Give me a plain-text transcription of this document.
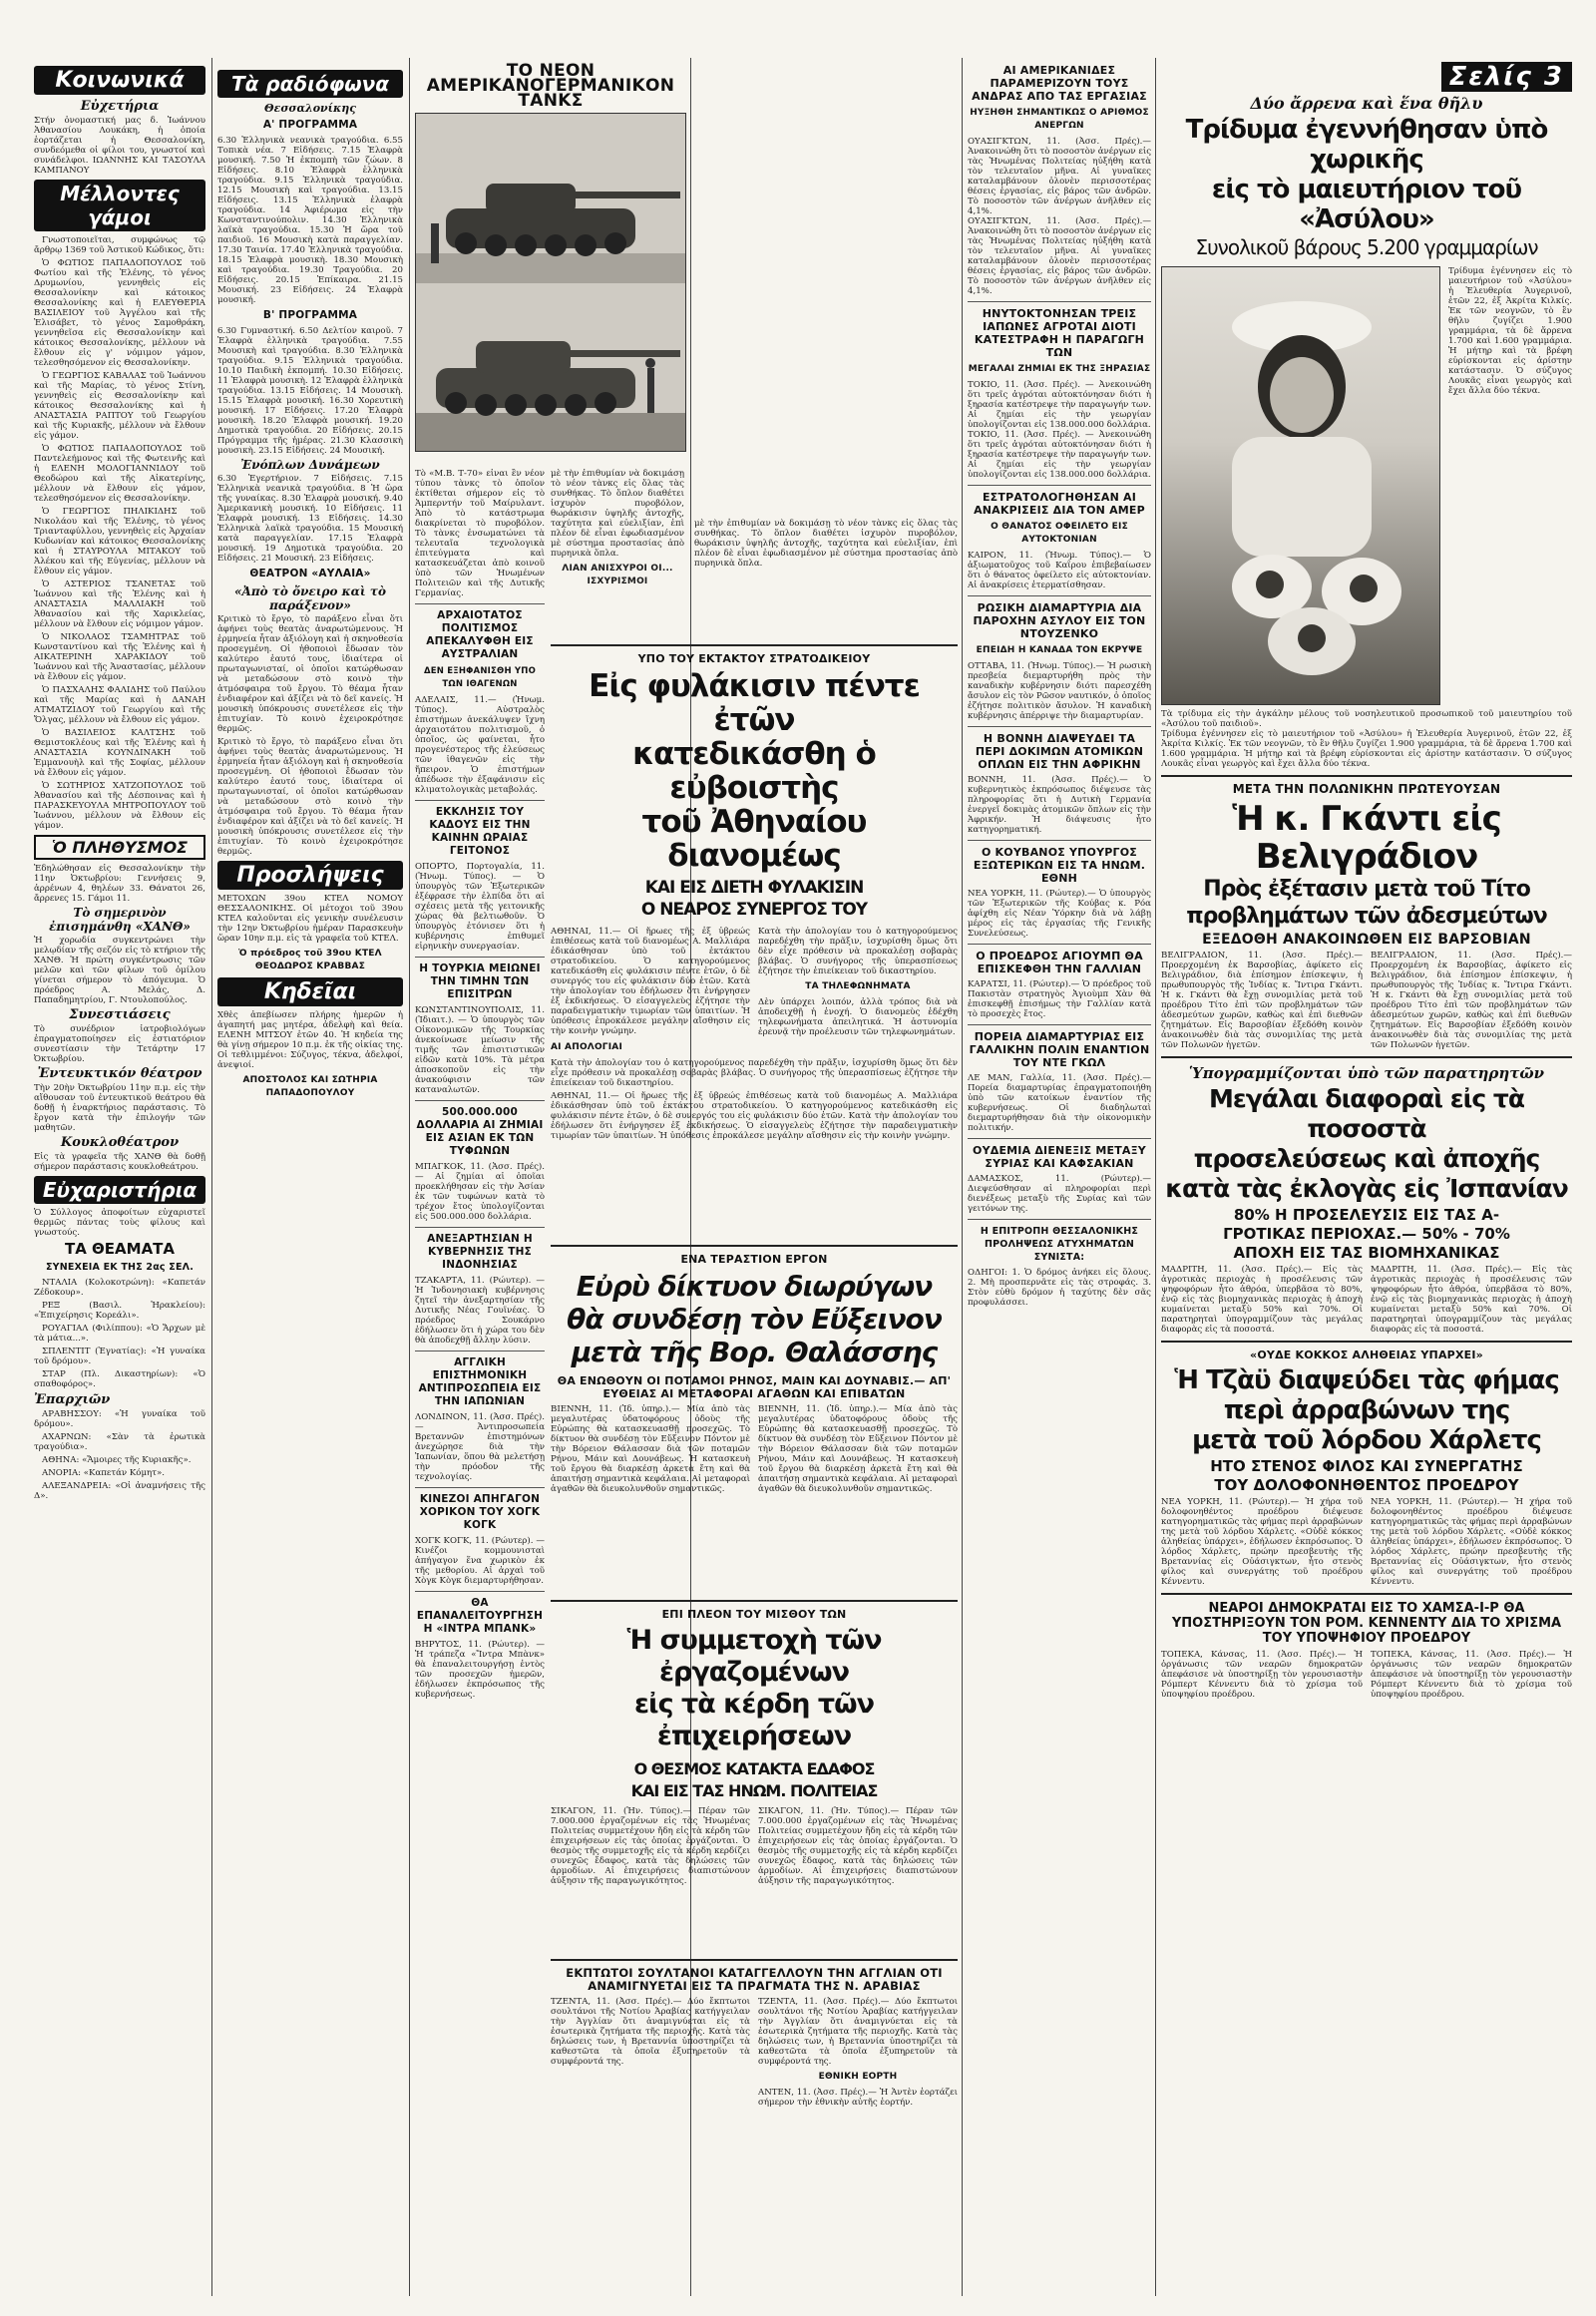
Κοινωνικά
Εὐχετήρια
Στήν ὀνομαστική μας δ. Ἰωάννου Ἀθανασίου Λουκάκη, ἡ ὁποία ἑορτάζεται ἡ Θεσσαλονίκη, συνδεόμεθα οἱ φίλοι του, γνωστοί καὶ συνάδελφοι. ΙΩΑΝΝΗΣ ΚΑΙ ΤΑΣΟΥΛΑ ΚΑΜΠΑΝΟΥ
Μέλλοντες γάμοι

Γνωστοποιεῖται, συμφώνως τῷ ἄρθρῳ 1369 τοῦ Ἀστικοῦ Κώδικος, ὅτι:

Ὁ ΦΩΤΙΟΣ ΠΑΠΑΔΟΠΟΥΛΟΣ τοῦ Φωτίου καὶ τῆς Ἑλένης, τὸ γένος Δρυμωνίου, γεννηθεὶς εἰς Θεσσαλονίκην καὶ κάτοικος Θεσσαλονίκης καὶ ἡ ΕΛΕΥΘΕΡΙΑ ΒΑΣΙΛΕΙΟΥ τοῦ Ἀγγέλου καὶ τῆς Ἐλισάβετ, τὸ γένος Σαμοθράκη, γεννηθεῖσα εἰς Θεσσαλονίκην καὶ κάτοικος Θεσσαλονίκης, μέλλουν νὰ ἔλθουν εἰς γ' νόμιμον γάμον, τελεσθησόμενον εἰς Θεσσαλονίκην.

Ὁ ΓΕΩΡΓΙΟΣ ΚΑΒΑΛΑΣ τοῦ Ἰωάννου καὶ τῆς Μαρίας, τὸ γένος Στίνη, γεννηθεὶς εἰς Θεσσαλονίκην καὶ κάτοικος Θεσσαλονίκης καὶ ἡ ΑΝΑΣΤΑΣΙΑ ΡΑΠΤΟΥ τοῦ Γεωργίου καὶ τῆς Κυριακῆς, μέλλουν νὰ ἔλθουν εἰς γάμον.

Ὁ ΦΩΤΙΟΣ ΠΑΠΑΔΟΠΟΥΛΟΣ τοῦ Παντελεήμονος καὶ τῆς Φωτεινῆς καὶ ἡ ΕΛΕΝΗ ΜΟΛΟΓΙΑΝΝΙΔΟΥ τοῦ Θεοδώρου καὶ τῆς Αἰκατερίνης, μέλλουν νὰ ἔλθουν εἰς γάμον, τελεσθησόμενον εἰς Θεσσαλονίκην.

Ὁ ΓΕΩΡΓΙΟΣ ΠΗΛΙΚΙΔΗΣ τοῦ Νικολάου καὶ τῆς Ἑλένης, τὸ γένος Τριανταφύλλου, γεννηθεὶς εἰς Ἀρχαίαν Κυδωνίαν καὶ κάτοικος Θεσσαλονίκης καὶ ἡ ΣΤΑΥΡΟΥΛΑ ΜΙΤΑΚΟΥ τοῦ Ἀλέκου καὶ τῆς Εὐγενίας, μέλλουν νὰ ἔλθουν εἰς γάμον.

Ὁ ΑΣΤΕΡΙΟΣ ΤΣΑΝΕΤΑΣ τοῦ Ἰωάννου καὶ τῆς Ἐλένης καὶ ἡ ΑΝΑΣΤΑΣΙΑ ΜΑΛΛΙΑΚΗ τοῦ Ἀθανασίου καὶ τῆς Χαρικλείας, μέλλουν νὰ ἔλθουν εἰς νόμιμον γάμον.

Ὁ ΝΙΚΟΛΑΟΣ ΤΣΑΜΗΤΡΑΣ τοῦ Κωνσταντίνου καὶ τῆς Ἑλένης καὶ ἡ ΑΙΚΑΤΕΡΙΝΗ ΧΑΡΑΚΙΔΟΥ τοῦ Ἰωάννου καὶ τῆς Ἀναστασίας, μέλλουν νὰ ἔλθουν εἰς γάμον.

Ὁ ΠΑΣΧΑΛΗΣ ΦΑΛΙΔΗΣ τοῦ Παύλου καὶ τῆς Μαρίας καὶ ἡ ΔΑΝΑΗ ΑΤΜΑΤΖΙΔΟΥ τοῦ Γεωργίου καὶ τῆς Ὄλγας, μέλλουν νὰ ἔλθουν εἰς γάμον.

Ὁ ΒΑΣΙΛΕΙΟΣ ΚΑΛΤΣΗΣ τοῦ Θεμιστοκλέους καὶ τῆς Ἑλένης καὶ ἡ ΑΝΑΣΤΑΣΙΑ ΚΟΥΝΔΙΝΑΚΗ τοῦ Ἐμμανουὴλ καὶ τῆς Σοφίας, μέλλουν νὰ ἔλθουν εἰς γάμον.

Ὁ ΣΩΤΗΡΙΟΣ ΧΑΤΖΟΠΟΥΛΟΣ τοῦ Ἀθανασίου καὶ τῆς Δέσποινας καὶ ἡ ΠΑΡΑΣΚΕΥΟΥΛΑ ΜΗΤΡΟΠΟΥΛΟΥ τοῦ Ἰωάννου, μέλλουν νὰ ἔλθουν εἰς γάμον.

Ὁ ΠΛΗΘΥΣΜΟΣ
Ἐδηλώθησαν εἰς Θεσσαλονίκην τὴν 11ην Ὀκτωβρίου: Γεννήσεις 9, ἀρρένων 4, θηλέων 33. Θάνατοι 26, ἄρρενες 15. Γάμοι 11.
Τὸ σημερινὸν ἐπισημάνθη «ΧΑΝΘ»
Ἡ χορωδία συγκεντρώνει τὴν μελῳδίαν τῆς σεζόν εἰς τὸ κτήριον τῆς ΧΑΝΘ. Ἡ πρώτη συγκέντρωσις τῶν μελῶν καὶ τῶν φίλων τοῦ ὁμίλου γίνεται σήμερον τὸ ἀπόγευμα. Ὁ πρόεδρος Α. Μελάς, Δ. Παπαδημητρίου, Γ. Ντουλοπούλος.
Συνεστιάσεις
Τὸ συνέδριον ἰατροβιολόγων ἐπραγματοποίησεν εἰς ἐστιατόριον συνεστίασιν τὴν Τετάρτην 17 Ὀκτωβρίου.
Ἐντευκτικόν θέατρον
Τὴν 20ὴν Ὀκτωβρίου 11ην π.μ. εἰς τὴν αἴθουσαν τοῦ ἐντευκτικοῦ θεάτρου θὰ δοθῇ ἡ ἐναρκτήριος παράστασις. Τὸ ἔργον κατὰ τὴν ἐπιλογήν τῶν μαθητῶν.
Κουκλοθέατρον
Εἰς τὰ γραφεῖα τῆς ΧΑΝΘ θὰ δοθῇ σήμερον παράστασις κουκλοθεάτρου.
Εὐχαριστήρια
Ὁ Σύλλογος ἀποφοίτων εὐχαριστεῖ θερμῶς πάντας τοὺς φίλους καὶ γνωστούς.
ΤΑ ΘΕΑΜΑΤΑ
ΣΥΝΕΧΕΙΑ ΕΚ ΤΗΣ 2ας ΣΕΛ.

ΝΤΑΛΙΑ (Κολοκοτρώνη): «Καπετάν Ζέδοκουρ».

ΡΕΞ (Βασιλ. Ἡρακλείου): «Ἐπιχείρησις Κορεάλι».

ΡΟΥΑΓΙΑΛ (Φιλίππου): «Ὁ Ἄρχων μὲ τὰ μάτια...».

ΣΠΛΕΝΤΙΤ (Ἐγνατίας): «Ἡ γυναίκα τοῦ δρόμου».

ΣΤΑΡ (Πλ. Δικαστηρίων): «Ὁ σπαθοφόρος».

Ἐπαρχιῶν

ΑΡΑΒΗΣΣΟΥ: «Ἡ γυναίκα τοῦ δρόμου».

ΑΧΑΡΝΩΝ: «Σὰν τὰ ἐρωτικὰ τραγούδια».

ΑΘΗΝΑ: «Ἄμοιρες τῆς Κυριακῆς».

ΑΝΟΡΙΑ: «Καπετάν Κόμητ».

ΑΛΕΞΑΝΔΡΕΙΑ: «Οἱ ἀναμνήσεις τῆς Δ».

Τὰ ραδιόφωνα
Θεσσαλονίκης
Α' ΠΡΟΓΡΑΜΜΑ
6.30 Ἑλληνικὰ νεανικὰ τραγούδια. 6.55 Τοπικὰ νέα. 7 Εἰδήσεις. 7.15 Ἐλαφρὰ μουσική. 7.50 Ἡ ἐκπομπὴ τῶν ζώων. 8 Εἰδήσεις. 8.10 Ἐλαφρὰ ἑλληνικὰ τραγούδια. 9.15 Ἑλληνικὰ τραγούδια. 12.15 Μουσικὴ καὶ τραγούδια. 13.15 Εἰδήσεις. 13.15 Ἑλληνικὰ ἐλαφρὰ τραγούδια. 14 Ἀφιέρωμα εἰς τὴν Κωνσταντινούπολιν. 14.30 Ἑλληνικὰ λαϊκὰ τραγούδια. 15.30 Ἡ ὥρα τοῦ παιδιοῦ. 16 Μουσικὴ κατὰ παραγγελίαν. 17.30 Ταινία. 17.40 Ἑλληνικὰ τραγούδια. 18.15 Ἐλαφρὰ μουσικὴ. 18.30 Μουσικὴ καὶ τραγούδια. 19.30 Τραγούδια. 20 Εἰδήσεις. 20.15 Ἐπίκαιρα. 21.15 Μουσική. 23 Εἰδήσεις. 24 Ἐλαφρὰ μουσική.
Β' ΠΡΟΓΡΑΜΜΑ
6.30 Γυμναστική. 6.50 Δελτίον καιροῦ. 7 Ἐλαφρὰ ἑλληνικὰ τραγούδια. 7.55 Μουσικὴ καὶ τραγούδια. 8.30 Ἑλληνικὰ τραγούδια. 9.15 Ἑλληνικὰ τραγούδια. 10.10 Παιδικὴ ἐκπομπή. 10.30 Εἰδήσεις. 11 Ἐλαφρὰ μουσικὴ. 12 Ἐλαφρὰ ἑλληνικὰ τραγούδια. 13.15 Εἰδήσεις. 14 Μουσικὴ. 15.15 Ἐλαφρὰ μουσική. 16.30 Χορευτικὴ μουσική. 17 Εἰδήσεις. 17.20 Ἐλαφρὰ μουσικὴ. 18.20 Ἐλαφρὰ μουσική. 19.20 Δημοτικὰ τραγούδια. 20 Εἰδήσεις. 20.15 Πρόγραμμα τῆς ἡμέρας. 21.30 Κλασσικὴ μουσικὴ. 23.15 Εἰδήσεις. 24 Μουσική.
Ἐνόπλων Δυνάμεων
6.30 Ἐγερτήριον. 7 Εἰδήσεις. 7.15 Ἑλληνικὰ νεανικὰ τραγούδια. 8 Ἡ ὥρα τῆς γυναίκας. 8.30 Ἐλαφρὰ μουσική. 9.40 Ἀμερικανικὴ μουσική. 10 Εἰδήσεις. 11 Ἐλαφρὰ μουσική. 13 Εἰδήσεις. 14.30 Ἑλληνικὰ λαϊκὰ τραγούδια. 15 Μουσική κατὰ παραγγελίαν. 17.15 Ἐλαφρὰ μουσική. 19 Δημοτικὰ τραγούδια. 20 Εἰδήσεις. 21 Μουσική. 23 Εἰδήσεις.
ΘΕΑΤΡΟΝ «ΑΥΛΑΙΑ»
«Ἀπὸ τὸ ὄνειρο καὶ τὸ παράξενον»
Κριτικὸ τὸ ἔργο, τὸ παράξενο εἶναι ὅτι ἀφήνει τοὺς θεατὰς ἀναρωτώμενους. Ἡ ἑρμηνεία ἦταν ἀξιόλογη καὶ ἡ σκηνοθεσία προσεγμένη. Οἱ ἠθοποιοὶ ἔδωσαν τὸν καλύτερο ἑαυτό τους, ἰδιαίτερα οἱ πρωταγωνισταί, οἱ ὁποῖοι κατώρθωσαν νὰ μεταδώσουν στὸ κοινὸ τὴν ἀτμόσφαιρα τοῦ ἔργου. Τὸ θέαμα ἦταν ἐνδιαφέρον καὶ ἀξίζει νὰ τὸ δεῖ κανείς. Ἡ μουσικὴ ὑπόκρουσις συνετέλεσε εἰς τὴν ἐπιτυχίαν. Τὸ κοινὸ ἐχειροκρότησε θερμῶς.
Κριτικὸ τὸ ἔργο, τὸ παράξενο εἶναι ὅτι ἀφήνει τοὺς θεατὰς ἀναρωτώμενους. Ἡ ἑρμηνεία ἦταν ἀξιόλογη καὶ ἡ σκηνοθεσία προσεγμένη. Οἱ ἠθοποιοὶ ἔδωσαν τὸν καλύτερο ἑαυτό τους, ἰδιαίτερα οἱ πρωταγωνισταί, οἱ ὁποῖοι κατώρθωσαν νὰ μεταδώσουν στὸ κοινὸ τὴν ἀτμόσφαιρα τοῦ ἔργου. Τὸ θέαμα ἦταν ἐνδιαφέρον καὶ ἀξίζει νὰ τὸ δεῖ κανείς. Ἡ μουσικὴ ὑπόκρουσις συνετέλεσε εἰς τὴν ἐπιτυχίαν. Τὸ κοινὸ ἐχειροκρότησε θερμῶς.
Προσλήψεις
ΜΕΤΟΧΩΝ 39ου ΚΤΕΛ ΝΟΜΟΥ ΘΕΣΣΑΛΟΝΙΚΗΣ. Οἱ μέτοχοι τοῦ 39ου ΚΤΕΛ καλοῦνται εἰς γενικὴν συνέλευσιν τὴν 12ην Ὀκτωβρίου ἡμέραν Παρασκευὴν ὥραν 10ην π.μ. εἰς τὰ γραφεῖα τοῦ ΚΤΕΛ.
Ὁ πρόεδρος τοῦ 39ου ΚΤΕΛ ΘΕΟΔΩΡΟΣ ΚΡΑΒΒΑΣ
Κηδεῖαι
Χθὲς ἀπεβίωσεν πλήρης ἡμερῶν ἡ ἀγαπητή μας μητέρα, ἀδελφὴ καὶ θεία. ΕΛΕΝΗ ΜΙΤΣΟΥ ἐτῶν 40. Ἡ κηδεία της θὰ γίνῃ σήμερον 10 π.μ. ἐκ τῆς οἰκίας της. Οἱ τεθλιμμένοι: Σύζυγος, τέκνα, ἀδελφοί, ἀνεψιοί.
ΑΠΟΣΤΟΛΟΣ ΚΑΙ ΣΩΤΗΡΙΑ ΠΑΠΑΔΟΠΟΥΛΟΥ
ΤΟ ΝΕΟΝ ΑΜΕΡΙΚΑΝΟΓΕΡΜΑΝΙΚΟΝ ΤΑΝΚΣ
Τὸ «Μ.Β. Τ-70» εἶναι ἓν νέον τύπου τὰνκς τὸ ὁποῖον ἐκτίθεται σήμερον εἰς τὸ Ἀμπερντήν τοῦ Μαίρυλαντ. Ἀπὸ τὸ κατάστρωμα διακρίνεται τὸ πυροβόλον. Τὸ τὰνκς ἐνσωματώνει τὰ τελευταῖα τεχνολογικὰ ἐπιτεύγματα καὶ κατασκευάζεται ἀπὸ κοινοῦ ὑπὸ τῶν Ἡνωμένων Πολιτειῶν καὶ τῆς Δυτικῆς Γερμανίας.
ΑΡΧΑΙΟΤΑΤΟΣ ΠΟΛΙΤΙΣΜΟΣ ΑΠΕΚΑΛΥΦΘΗ ΕΙΣ ΑΥΣΤΡΑΛΙΑΝ
ΔΕΝ ΕΞΗΦΑΝΙΣΘΗ ΥΠΟ ΤΩΝ ΙΘΑΓΕΝΩΝ
ΑΔΕΛΑΙ⁠Σ, 11.— (Ἡνωμ. Τύπος). Αὐστραλὸς ἐπιστήμων ἀνεκάλυψεν ἴχνη ἀρχαιοτάτου πολιτισμοῦ, ὁ ὁποῖος, ὡς φαίνεται, ἦτο προγενέστερος τῆς ἐλεύσεως τῶν ἰθαγενῶν εἰς τὴν ἤπειρον. Ὁ ἐπιστήμων ἀπέδωσε τὴν ἐξαφάνισιν εἰς κλιματολογικὰς μεταβολάς.
ΕΚΚΛΗΣΙΣ ΤΟΥ ΚΑΔΟΥΣ ΕΙΣ ΤΗΝ ΚΑΙΝΗΝ ΩΡΑΙΑΣ ΓΕΙΤΟΝΟΣ
ΟΠΟΡΤΟ, Πορτογαλία, 11. (Ἡνωμ. Τύπος). — Ὁ ὑπουργὸς τῶν Ἐξωτερικῶν ἐξέφρασε τὴν ἐλπίδα ὅτι αἱ σχέσεις μετὰ τῆς γειτονικῆς χώρας θὰ βελτιωθοῦν. Ὁ ὑπουργὸς ἐτόνισεν ὅτι ἡ κυβέρνησις ἐπιθυμεῖ εἰρηνικὴν συνεργασίαν.
Η ΤΟΥΡΚΙΑ ΜΕΙΩΝΕΙ ΤΗΝ ΤΙΜΗΝ ΤΩΝ ΕΠΙΣΙΤΡΩΝ
ΚΩΝΣΤΑΝΤΙΝΟΥΠΟΛΙΣ, 11. (Ἰδιαιτ.). — Ὁ ὑπουργὸς τῶν Οἰκονομικῶν τῆς Τουρκίας ἀνεκοίνωσε μείωσιν τῆς τιμῆς τῶν ἐπισιτιστικῶν εἰδῶν κατὰ 10%. Τὰ μέτρα ἀποσκοποῦν εἰς τὴν ἀνακούφισιν τῶν καταναλωτῶν.
500.000.000 ΔΟΛΛΑΡΙΑ ΑΙ ΖΗΜΙΑΙ ΕΙΣ ΑΣΙΑΝ ΕΚ ΤΩΝ ΤΥΦΩΝΩΝ
ΜΠΑΓΚΟΚ, 11. (Ἀσσ. Πρές). — Αἱ ζημίαι αἱ ὁποῖαι προεκλήθησαν εἰς τὴν Ἀσίαν ἐκ τῶν τυφώνων κατὰ τὸ τρέχον ἔτος ὑπολογίζονται εἰς 500.000.000 δολλάρια.
ΑΝΕΞΑΡΤΗΣΙΑΝ Η ΚΥΒΕΡΝΗΣΙΣ ΤΗΣ ΙΝΔΟΝΗΣΙΑΣ
ΤΖΑΚΑΡΤΑ, 11. (Ρώυτερ). — Ἡ Ἰνδονησιακὴ κυβέρνησις ζητεῖ τὴν ἀνεξαρτησίαν τῆς Δυτικῆς Νέας Γουϊνέας. Ὁ πρόεδρος Σουκάρνο ἐδήλωσεν ὅτι ἡ χώρα του δὲν θὰ ἀποδεχθῇ ἄλλην λύσιν.
ΑΓΓΛΙΚΗ ΕΠΙΣΤΗΜΟΝΙΚΗ ΑΝΤΙΠΡΟΣΩΠΕΙΑ ΕΙΣ ΤΗΝ ΙΑΠΩΝΙΑΝ
ΛΟΝΔΙΝΟΝ, 11. (Ἀσσ. Πρές). — Ἀντιπροσωπεία Βρεταννῶν ἐπιστημόνων ἀνεχώρησε διὰ τὴν Ἰαπωνίαν, ὅπου θὰ μελετήσῃ τὴν πρόοδον τῆς τεχνολογίας.
ΚΙΝΕΖΟΙ ΑΠΗΓΑΓΟΝ ΧΟΡΙΚΟΝ ΤΟΥ ΧΟΓΚ ΚΟΓΚ
ΧΟΓΚ ΚΟΓΚ, 11. (Ρώυτερ). — Κινέζοι κομμουνισταὶ ἀπήγαγον ἕνα χωρικὸν ἐκ τῆς μεθορίου. Αἱ ἀρχαὶ τοῦ Χὸγκ Κὸγκ διεμαρτυρήθησαν.
ΘΑ ΕΠΑΝΑΛΕΙΤΟΥΡΓΗΣΗ Η «ΙΝΤΡΑ ΜΠΑΝΚ»
ΒΗΡΥΤΟΣ, 11. (Ρώυτερ). — Ἡ τράπεζα «Ἴντρα Μπὰνκ» θὰ ἐπαναλειτουργήσῃ ἐντὸς τῶν προσεχῶν ἡμερῶν, ἐδήλωσεν ἐκπρόσωπος τῆς κυβερνήσεως.
μὲ τὴν ἐπιθυμίαν νὰ δοκιμάσῃ τὸ νέον τὰνκς εἰς ὅλας τὰς συνθήκας. Τὸ ὅπλον διαθέτει ἰσχυρὸν πυροβόλον, θωράκισιν ὑψηλῆς ἀντοχῆς, ταχύτητα καὶ εὐελιξίαν, ἐπὶ πλέον δὲ εἶναι ἐφωδιασμένον μὲ σύστημα προστασίας ἀπὸ πυρηνικὰ ὅπλα.
ΛΙΑΝ ΑΝΙΣΧΥΡΟΙ ΟΙ... ΙΣΧΥΡΙΣΜΟΙ
μὲ τὴν ἐπιθυμίαν νὰ δοκιμάσῃ τὸ νέον τὰνκς εἰς ὅλας τὰς συνθήκας. Τὸ ὅπλον διαθέτει ἰσχυρὸν πυροβόλον, θωράκισιν ὑψηλῆς ἀντοχῆς, ταχύτητα καὶ εὐελιξίαν, ἐπὶ πλέον δὲ εἶναι ἐφωδιασμένον μὲ σύστημα προστασίας ἀπὸ πυρηνικὰ ὅπλα.
ΥΠΟ ΤΟΥ ΕΚΤΑΚΤΟΥ ΣΤΡΑΤΟΔΙΚΕΙΟΥ
Εἰς φυλάκισιν πέντε ἐτῶν
κατεδικάσθη ὁ εὐβοιστὴς
τοῦ Ἀθηναίου διανομέως
ΚΑΙ ΕΙΣ ΔΙΕΤΗ ΦΥΛΑΚΙΣΙΝ
Ο ΝΕΑΡΟΣ ΣΥΝΕΡΓΟΣ ΤΟΥ
ΑΘΗΝΑΙ, 11.— Οἱ ἥρωες τῆς ἐξ ὑβρεώς ἐπιθέσεως κατὰ τοῦ διανομέως Α. Μαλλιάρα ἐδικάσθησαν ὑπὸ τοῦ ἐκτάκτου στρατοδικείου. Ὁ κατηγορούμενος κατεδικάσθη εἰς φυλάκισιν πέντε ἐτῶν, ὁ δὲ συνεργός του εἰς φυλάκισιν δύο ἐτῶν. Κατὰ τὴν ἀπολογίαν του ἐδήλωσεν ὅτι ἐνήργησεν ἐξ ἐκδικήσεως. Ὁ εἰσαγγελεὺς ἐζήτησε τὴν παραδειγματικὴν τιμωρίαν τῶν ὑπαιτίων. Ἡ ὑπόθεσις ἐπροκάλεσε μεγάλην αἴσθησιν εἰς τὴν κοινὴν γνώμην.
Κατὰ τὴν ἀπολογίαν του ὁ κατηγορούμενος παρεδέχθη τὴν πρᾶξιν, ἰσχυρίσθη ὅμως ὅτι δὲν εἶχε πρόθεσιν νὰ προκαλέσῃ σοβαρὰς βλάβας. Ὁ συνήγορος τῆς ὑπερασπίσεως ἐζήτησε τὴν ἐπιείκειαν τοῦ δικαστηρίου.
ΤΑ ΤΗΛΕΦΩΝΗΜΑΤΑ
Δὲν ὑπάρχει λοιπόν, ἀλλὰ τρόπος διὰ νὰ ἀποδειχθῇ ἡ ἐνοχή. Ὁ διανομεὺς ἐδέχθη τηλεφωνήματα ἀπειλητικά. Ἡ ἀστυνομία ἐρευνᾷ τὴν προέλευσιν τῶν τηλεφωνημάτων.
ΑΙ ΑΠΟΛΟΓΙΑΙ
Κατὰ τὴν ἀπολογίαν του ὁ κατηγορούμενος παρεδέχθη τὴν πρᾶξιν, ἰσχυρίσθη ὅμως ὅτι δὲν εἶχε πρόθεσιν νὰ προκαλέσῃ σοβαρὰς βλάβας. Ὁ συνήγορος τῆς ὑπερασπίσεως ἐζήτησε τὴν ἐπιείκειαν τοῦ δικαστηρίου.
ΑΘΗΝΑΙ, 11.— Οἱ ἥρωες τῆς ἐξ ὑβρεώς ἐπιθέσεως κατὰ τοῦ διανομέως Α. Μαλλιάρα ἐδικάσθησαν ὑπὸ τοῦ ἐκτάκτου στρατοδικείου. Ὁ κατηγορούμενος κατεδικάσθη εἰς φυλάκισιν πέντε ἐτῶν, ὁ δὲ συνεργός του εἰς φυλάκισιν δύο ἐτῶν. Κατὰ τὴν ἀπολογίαν του ἐδήλωσεν ὅτι ἐνήργησεν ἐξ ἐκδικήσεως. Ὁ εἰσαγγελεὺς ἐζήτησε τὴν παραδειγματικὴν τιμωρίαν τῶν ὑπαιτίων. Ἡ ὑπόθεσις ἐπροκάλεσε μεγάλην αἴσθησιν εἰς τὴν κοινὴν γνώμην.
ΕΝΑ ΤΕΡΑΣΤΙΟΝ ΕΡΓΟΝ
Εὐρὺ δίκτυον διωρύγων
θὰ συνδέσῃ τὸν Εὔξεινον
μετὰ τῆς Βορ. Θαλάσσης
ΘΑ ΕΝΩΘΟΥΝ ΟΙ ΠΟΤΑΜΟΙ ΡΗΝΟΣ, ΜΑΙΝ ΚΑΙ ΔΟΥΝΑΒΙΣ.— ΑΠ' ΕΥΘΕΙΑΣ ΑΙ ΜΕΤΑΦΟΡΑΙ ΑΓΑΘΩΝ ΚΑΙ ΕΠΙΒΑΤΩΝ
ΒΙΕΝΝΗ, 11. (Ἰδ. ὑπηρ.).— Μία ἀπὸ τὰς μεγαλυτέρας ὑδατοφόρους ὁδοὺς τῆς Εὐρώπης θὰ κατασκευασθῇ προσεχῶς. Τὸ δίκτυον θὰ συνδέσῃ τὸν Εὔξεινον Πόντον μὲ τὴν Βόρειον Θάλασσαν διὰ τῶν ποταμῶν Ρήνου, Μάιν καὶ Δουνάβεως. Ἡ κατασκευὴ τοῦ ἔργου θὰ διαρκέσῃ ἀρκετὰ ἔτη καὶ θὰ ἀπαιτήσῃ σημαντικὰ κεφάλαια. Αἱ μεταφοραὶ ἀγαθῶν θὰ διευκολυνθοῦν σημαντικῶς.
ΒΙΕΝΝΗ, 11. (Ἰδ. ὑπηρ.).— Μία ἀπὸ τὰς μεγαλυτέρας ὑδατοφόρους ὁδοὺς τῆς Εὐρώπης θὰ κατασκευασθῇ προσεχῶς. Τὸ δίκτυον θὰ συνδέσῃ τὸν Εὔξεινον Πόντον μὲ τὴν Βόρειον Θάλασσαν διὰ τῶν ποταμῶν Ρήνου, Μάιν καὶ Δουνάβεως. Ἡ κατασκευὴ τοῦ ἔργου θὰ διαρκέσῃ ἀρκετὰ ἔτη καὶ θὰ ἀπαιτήσῃ σημαντικὰ κεφάλαια. Αἱ μεταφοραὶ ἀγαθῶν θὰ διευκολυνθοῦν σημαντικῶς.
ΕΠΙ ΠΛΕΟΝ ΤΟΥ ΜΙΣΘΟΥ ΤΩΝ
Ἡ συμμετοχὴ τῶν ἐργαζομένων
εἰς τὰ κέρδη τῶν ἐπιχειρήσεων
Ο ΘΕΣΜΟΣ ΚΑΤΑΚΤΑ ΕΔΑΦΟΣ
ΚΑΙ ΕΙΣ ΤΑΣ ΗΝΩΜ. ΠΟΛΙΤΕΙΑΣ
ΣΙΚΑΓΟΝ, 11. (Ἡν. Τύπος).— Πέραν τῶν 7.000.000 ἐργαζομένων εἰς τὰς Ἡνωμένας Πολιτείας συμμετέχουν ἤδη εἰς τὰ κέρδη τῶν ἐπιχειρήσεων εἰς τὰς ὁποίας ἐργάζονται. Ὁ θεσμὸς τῆς συμμετοχῆς εἰς τὰ κέρδη κερδίζει συνεχῶς ἔδαφος, κατὰ τὰς δηλώσεις τῶν ἁρμοδίων. Αἱ ἐπιχειρήσεις διαπιστώνουν ἀύξησιν τῆς παραγωγικότητος.
ΣΙΚΑΓΟΝ, 11. (Ἡν. Τύπος).— Πέραν τῶν 7.000.000 ἐργαζομένων εἰς τὰς Ἡνωμένας Πολιτείας συμμετέχουν ἤδη εἰς τὰ κέρδη τῶν ἐπιχειρήσεων εἰς τὰς ὁποίας ἐργάζονται. Ὁ θεσμὸς τῆς συμμετοχῆς εἰς τὰ κέρδη κερδίζει συνεχῶς ἔδαφος, κατὰ τὰς δηλώσεις τῶν ἁρμοδίων. Αἱ ἐπιχειρήσεις διαπιστώνουν ἀύξησιν τῆς παραγωγικότητος.
ΕΚΠΤΩΤΟΙ ΣΟΥΛΤΑΝΟΙ ΚΑΤΑΓΓΕΛΛΟΥΝ ΤΗΝ ΑΓΓΛΙΑΝ ΟΤΙ ΑΝΑΜΙΓΝΥΕΤΑΙ ΕΙΣ ΤΑ ΠΡΑΓΜΑΤΑ ΤΗΣ Ν. ΑΡΑΒΙΑΣ
ΤΖΕΝΤΑ, 11. (Ἀσσ. Πρές).— Δύο ἔκπτωτοι σουλτάνοι τῆς Νοτίου Ἀραβίας κατήγγειλαν τὴν Ἀγγλίαν ὅτι ἀναμιγνύεται εἰς τὰ ἐσωτερικὰ ζητήματα τῆς περιοχῆς. Κατὰ τὰς δηλώσεις των, ἡ Βρεταννία ὑποστηρίζει τὰ καθεστῶτα τὰ ὁποῖα ἐξυπηρετοῦν τὰ συμφέροντά της.
ΤΖΕΝΤΑ, 11. (Ἀσσ. Πρές).— Δύο ἔκπτωτοι σουλτάνοι τῆς Νοτίου Ἀραβίας κατήγγειλαν τὴν Ἀγγλίαν ὅτι ἀναμιγνύεται εἰς τὰ ἐσωτερικὰ ζητήματα τῆς περιοχῆς. Κατὰ τὰς δηλώσεις των, ἡ Βρεταννία ὑποστηρίζει τὰ καθεστῶτα τὰ ὁποῖα ἐξυπηρετοῦν τὰ συμφέροντά της.
ΕΘΝΙΚΗ ΕΟΡΤΗ
ΑΝΤΕΝ, 11. (Ἀσσ. Πρές).— Ἡ Ἀντὲν ἑορτάζει σήμερον τὴν ἐθνικὴν αὐτῆς ἑορτήν.
ΑΙ ΑΜΕΡΙΚΑΝΙΔΕΣ ΠΑΡΑΜΕΡΙΖΟΥΝ ΤΟΥΣ ΑΝΔΡΑΣ ΑΠΟ ΤΑΣ ΕΡΓΑΣΙΑΣ
ΗΥΞΗΘΗ ΣΗΜΑΝΤΙΚΩΣ Ο ΑΡΙΘΜΟΣ ΑΝΕΡΓΩΝ
ΟΥΑΣΙΓΚΤΩΝ, 11. (Ἀσσ. Πρές).— Ἀνακοινώθη ὅτι τὸ ποσοστὸν ἀνέργων εἰς τὰς Ἡνωμένας Πολιτείας ηὐξήθη κατὰ τὸν τελευταῖον μῆνα. Αἱ γυναῖκες καταλαμβάνουν ὁλονὲν περισσοτέρας θέσεις ἐργασίας, εἰς βάρος τῶν ἀνδρῶν. Τὸ ποσοστὸν τῶν ἀνέργων ἀνῆλθεν εἰς 4,1%.
ΟΥΑΣΙΓΚΤΩΝ, 11. (Ἀσσ. Πρές).— Ἀνακοινώθη ὅτι τὸ ποσοστὸν ἀνέργων εἰς τὰς Ἡνωμένας Πολιτείας ηὐξήθη κατὰ τὸν τελευταῖον μῆνα. Αἱ γυναῖκες καταλαμβάνουν ὁλονὲν περισσοτέρας θέσεις ἐργασίας, εἰς βάρος τῶν ἀνδρῶν. Τὸ ποσοστὸν τῶν ἀνέργων ἀνῆλθεν εἰς 4,1%.
ΗΝΥΤΟΚΤΟΝΗΣΑΝ ΤΡΕΙΣ ΙΑΠΩΝΕΣ ΑΓΡΟΤΑΙ ΔΙΟΤΙ ΚΑΤΕΣΤΡΑΦΗ Η ΠΑΡΑΓΩΓΗ ΤΩΝ
ΜΕΓΑΛΑΙ ΖΗΜΙΑΙ ΕΚ ΤΗΣ ΞΗΡΑΣΙΑΣ
ΤΟΚΙΟ, 11. (Ἀσσ. Πρές). — Ἀνεκοινώθη ὅτι τρεῖς ἀγρόται αὐτοκτόνησαν διότι ἡ ξηρασία κατέστρεψε τὴν παραγωγήν των. Αἱ ζημίαι εἰς τὴν γεωργίαν ὑπολογίζονται εἰς 138.000.000 δολλάρια.
ΤΟΚΙΟ, 11. (Ἀσσ. Πρές). — Ἀνεκοινώθη ὅτι τρεῖς ἀγρόται αὐτοκτόνησαν διότι ἡ ξηρασία κατέστρεψε τὴν παραγωγήν των. Αἱ ζημίαι εἰς τὴν γεωργίαν ὑπολογίζονται εἰς 138.000.000 δολλάρια.
ΕΣΤΡΑΤΟΛΟΓΗΘΗΣΑΝ ΑΙ ΑΝΑΚΡΙΣΕΙΣ ΔΙΑ ΤΟΝ ΑΜΕΡ
Ο ΘΑΝΑΤΟΣ ΟΦΕΙΛΕΤΟ ΕΙΣ ΑΥΤΟΚΤΟΝΙΑΝ
ΚΑΙΡΟΝ, 11. (Ἡνωμ. Τύπος).— Ὁ ἀξιωματοῦχος τοῦ Καΐρου ἐπιβεβαίωσεν ὅτι ὁ θάνατος ὀφείλετο εἰς αὐτοκτονίαν. Αἱ ἀνακρίσεις ἐτερματίσθησαν.
ΡΩΣΙΚΗ ΔΙΑΜΑΡΤΥΡΙΑ ΔΙΑ ΠΑΡΟΧΗΝ ΑΣΥΛΟΥ ΕΙΣ ΤΟΝ ΝΤΟΥΖΕΝΚΟ
ΕΠΕΙΔΗ Η ΚΑΝΑΔΑ ΤΟΝ ΕΚΡΥΨΕ
ΟΤΤΑΒΑ, 11. (Ἡνωμ. Τύπος).— Ἡ ρωσικὴ πρεσβεία διεμαρτυρήθη πρὸς τὴν καναδικὴν κυβέρνησιν διότι παρεσχέθη ἄσυλον εἰς τὸν Ρῶσον ναυτικόν, ὁ ὁποῖος ἐζήτησε πολιτικὸν ἄσυλον. Ἡ καναδικὴ κυβέρνησις ἀπέρριψε τὴν διαμαρτυρίαν.
Η ΒΟΝΝΗ ΔΙΑΨΕΥΔΕΙ ΤΑ ΠΕΡΙ ΔΟΚΙΜΩΝ ΑΤΟΜΙΚΩΝ ΟΠΛΩΝ ΕΙΣ ΤΗΝ ΑΦΡΙΚΗΝ
ΒΟΝΝΗ, 11. (Ἀσσ. Πρές).— Ὁ κυβερνητικὸς ἐκπρόσωπος διέψευσε τὰς πληροφορίας ὅτι ἡ Δυτικὴ Γερμανία ἐνεργεῖ δοκιμὰς ἀτομικῶν ὅπλων εἰς τὴν Ἀφρικήν. Ἡ διάψευσις ἦτο κατηγορηματική.
Ο ΚΟΥΒΑΝΟΣ ΥΠΟΥΡΓΟΣ ΕΞΩΤΕΡΙΚΩΝ ΕΙΣ ΤΑ ΗΝΩΜ. ΕΘΝΗ
ΝΕΑ ΥΟΡΚΗ, 11. (Ρώυτερ).— Ὁ ὑπουργὸς τῶν Ἐξωτερικῶν τῆς Κούβας κ. Ρόα ἀφίχθη εἰς Νέαν Ὑόρκην διὰ νὰ λάβῃ μέρος εἰς τὰς ἐργασίας τῆς Γενικῆς Συνελεύσεως.
Ο ΠΡΟΕΔΡΟΣ ΑΓΙΟΥΜΠ ΘΑ ΕΠΙΣΚΕΦΘΗ ΤΗΝ ΓΑΛΛΙΑΝ
ΚΑΡΑΤΣΙ, 11. (Ρώυτερ).— Ὁ πρόεδρος τοῦ Πακιστὰν στρατηγὸς Ἀγιοὺμπ Χὰν θὰ ἐπισκεφθῇ ἐπισήμως τὴν Γαλλίαν κατὰ τὸ προσεχὲς ἔτος.
ΠΟΡΕΙΑ ΔΙΑΜΑΡΤΥΡΙΑΣ ΕΙΣ ΓΑΛΛΙΚΗΝ ΠΟΛΙΝ ΕΝΑΝΤΙΟΝ ΤΟΥ ΝΤΕ ΓΚΩΛ
ΛΕ ΜΑΝ, Γαλλία, 11. (Ἀσσ. Πρές).— Πορεία διαμαρτυρίας ἐπραγματοποιήθη ὑπὸ τῶν κατοίκων ἐναντίον τῆς κυβερνήσεως. Οἱ διαδηλωταὶ διεμαρτυρήθησαν διὰ τὴν οἰκονομικὴν πολιτικήν.
ΟΥΔΕΜΙΑ ΔΙΕΝΕΞΙΣ ΜΕΤΑΞΥ ΣΥΡΙΑΣ ΚΑΙ ΚΑΦΣΑΚΙΑΝ
ΔΑΜΑΣΚΟΣ, 11. (Ρώυτερ).— Διεψεύσθησαν αἱ πληροφορίαι περὶ διενέξεως μεταξὺ τῆς Συρίας καὶ τῶν γειτόνων της.
Η ΕΠΙΤΡΟΠΗ ΘΕΣΣΑΛΟΝΙΚΗΣ ΠΡΟΛΗΨΕΩΣ ΑΤΥΧΗΜΑΤΩΝ ΣΥΝΙΣΤΑ:
ΟΔΗΓΟΙ: 1. Ὁ δρόμος ἀνήκει εἰς ὅλους. 2. Μὴ προσπερνᾶτε εἰς τὰς στροφάς. 3. Στὸν εὐθὺ δρόμον ἡ ταχύτης δὲν σᾶς προφυλάσσει.
Σελίς 3
Δύο ἄρρενα καὶ ἕνα θῆλυ
Τρίδυμα ἐγεννήθησαν ὑπὸ χωρικῆς
εἰς τὸ μαιευτήριον τοῦ «Ἀσύλου»
Συνολικοῦ βάρους 5.200 γραμμαρίων
Τρίδυμα ἐγέννησεν εἰς τὸ μαιευτήριον τοῦ «Ἀσύλου» ἡ Ἐλευθερία Ἀυγερινοῦ, ἐτῶν 22, ἐξ Ἀκρίτα Κιλκίς. Ἐκ τῶν νεογνῶν, τὸ ἓν θῆλυ ζυγίζει 1.900 γραμμάρια, τὰ δὲ ἄρρενα 1.700 καὶ 1.600 γραμμάρια. Ἡ μήτηρ καὶ τὰ βρέφη εὑρίσκονται εἰς ἀρίστην κατάστασιν. Ὁ σύζυγος Λουκᾶς εἶναι γεωργὸς καὶ ἔχει ἄλλα δύο τέκνα.
Τὰ τρίδυμα εἰς τὴν ἀγκάλην μέλους τοῦ νοσηλευτικοῦ προσωπικοῦ τοῦ μαιευτηρίου τοῦ «Ἀσύλου τοῦ παιδιοῦ».
Τρίδυμα ἐγέννησεν εἰς τὸ μαιευτήριον τοῦ «Ἀσύλου» ἡ Ἐλευθερία Ἀυγερινοῦ, ἐτῶν 22, ἐξ Ἀκρίτα Κιλκίς. Ἐκ τῶν νεογνῶν, τὸ ἓν θῆλυ ζυγίζει 1.900 γραμμάρια, τὰ δὲ ἄρρενα 1.700 καὶ 1.600 γραμμάρια. Ἡ μήτηρ καὶ τὰ βρέφη εὑρίσκονται εἰς ἀρίστην κατάστασιν. Ὁ σύζυγος Λουκᾶς εἶναι γεωργὸς καὶ ἔχει ἄλλα δύο τέκνα.
ΜΕΤΑ ΤΗΝ ΠΟΛΩΝΙΚΗΝ ΠΡΩΤΕΥΟΥΣΑΝ
Ἡ κ. Γκάντι εἰς Βελιγράδιον
Πρὸς ἐξέτασιν μετὰ τοῦ Τίτο
προβλημάτων τῶν ἀδεσμεύτων
ΕΞΕΔΟΘΗ ΑΝΑΚΟΙΝΩΘΕΝ ΕΙΣ ΒΑΡΣΟΒΙΑΝ
ΒΕΛΙΓΡΑΔΙΟΝ, 11. (Ἀσσ. Πρές).— Προερχομένη ἐκ Βαρσοβίας, ἀφίκετο εἰς Βελιγράδιον, διὰ ἐπίσημον ἐπίσκεψιν, ἡ πρωθυπουργὸς τῆς Ἰνδίας κ. Ἴντιρα Γκάντι. Ἡ κ. Γκάντι θὰ ἔχῃ συνομιλίας μετὰ τοῦ προέδρου Τίτο ἐπὶ τῶν προβλημάτων τῶν ἀδεσμεύτων χωρῶν, καθὼς καὶ ἐπὶ διεθνῶν ζητημάτων. Εἰς Βαρσοβίαν ἐξεδόθη κοινὸν ἀνακοινωθὲν διὰ τὰς συνομιλίας της μετὰ τῶν Πολωνῶν ἡγετῶν.
ΒΕΛΙΓΡΑΔΙΟΝ, 11. (Ἀσσ. Πρές).— Προερχομένη ἐκ Βαρσοβίας, ἀφίκετο εἰς Βελιγράδιον, διὰ ἐπίσημον ἐπίσκεψιν, ἡ πρωθυπουργὸς τῆς Ἰνδίας κ. Ἴντιρα Γκάντι. Ἡ κ. Γκάντι θὰ ἔχῃ συνομιλίας μετὰ τοῦ προέδρου Τίτο ἐπὶ τῶν προβλημάτων τῶν ἀδεσμεύτων χωρῶν, καθὼς καὶ ἐπὶ διεθνῶν ζητημάτων. Εἰς Βαρσοβίαν ἐξεδόθη κοινὸν ἀνακοινωθὲν διὰ τὰς συνομιλίας της μετὰ τῶν Πολωνῶν ἡγετῶν.
Ὑπογραμμίζονται ὑπὸ τῶν παρατηρητῶν
Μεγάλαι διαφοραὶ εἰς τὰ ποσοστὰ
προσελεύσεως καὶ ἀποχῆς
κατὰ τὰς ἐκλογὰς εἰς Ἰσπανίαν
80% Η ΠΡΟΣΕΛΕΥΣΙΣ ΕΙΣ ΤΑΣ Α-
ΓΡΟΤΙΚΑΣ ΠΕΡΙΟΧΑΣ.— 50% - 70%
ΑΠΟΧΗ ΕΙΣ ΤΑΣ ΒΙΟΜΗΧΑΝΙΚΑΣ
ΜΑΔΡΙΤΗ, 11. (Ἀσσ. Πρές).— Εἰς τὰς ἀγροτικὰς περιοχὰς ἡ προσέλευσις τῶν ψηφοφόρων ἦτο ἀθρόα, ὑπερβᾶσα τὸ 80%, ἐνῷ εἰς τὰς βιομηχανικὰς περιοχὰς ἡ ἀποχὴ κυμαίνεται μεταξὺ 50% καὶ 70%. Οἱ παρατηρηταὶ ὑπογραμμίζουν τὰς μεγάλας διαφορὰς εἰς τὰ ποσοστά.
ΜΑΔΡΙΤΗ, 11. (Ἀσσ. Πρές).— Εἰς τὰς ἀγροτικὰς περιοχὰς ἡ προσέλευσις τῶν ψηφοφόρων ἦτο ἀθρόα, ὑπερβᾶσα τὸ 80%, ἐνῷ εἰς τὰς βιομηχανικὰς περιοχὰς ἡ ἀποχὴ κυμαίνεται μεταξὺ 50% καὶ 70%. Οἱ παρατηρηταὶ ὑπογραμμίζουν τὰς μεγάλας διαφορὰς εἰς τὰ ποσοστά.
«ΟΥΔΕ ΚΟΚΚΟΣ ΑΛΗΘΕΙΑΣ ΥΠΑΡΧΕΙ»
Ἡ Τζὰϋ διαψεύδει τὰς φήμας
περὶ ἀρραβώνων της
μετὰ τοῦ λόρδου Χάρλετς
ΗΤΟ ΣΤΕΝΟΣ ΦΙΛΟΣ ΚΑΙ ΣΥΝΕΡΓΑΤΗΣ
ΤΟΥ ΔΟΛΟΦΟΝΗΘΕΝΤΟΣ ΠΡΟΕΔΡΟΥ
ΝΕΑ ΥΟΡΚΗ, 11. (Ρώυτερ).— Ἡ χήρα τοῦ δολοφονηθέντος προέδρου διέψευσε κατηγορηματικῶς τὰς φήμας περὶ ἀρραβώνων της μετὰ τοῦ λόρδου Χάρλετς. «Οὐδὲ κόκκος ἀληθείας ὑπάρχει», ἐδήλωσεν ἐκπρόσωπος. Ὁ λόρδος Χάρλετς, πρώην πρεσβευτὴς τῆς Βρεταννίας εἰς Οὐάσιγκτων, ἦτο στενὸς φίλος καὶ συνεργάτης τοῦ προέδρου Κέννεντυ.
ΝΕΑ ΥΟΡΚΗ, 11. (Ρώυτερ).— Ἡ χήρα τοῦ δολοφονηθέντος προέδρου διέψευσε κατηγορηματικῶς τὰς φήμας περὶ ἀρραβώνων της μετὰ τοῦ λόρδου Χάρλετς. «Οὐδὲ κόκκος ἀληθείας ὑπάρχει», ἐδήλωσεν ἐκπρόσωπος. Ὁ λόρδος Χάρλετς, πρώην πρεσβευτὴς τῆς Βρεταννίας εἰς Οὐάσιγκτων, ἦτο στενὸς φίλος καὶ συνεργάτης τοῦ προέδρου Κέννεντυ.
ΝΕΑΡΟΙ ΔΗΜΟΚΡΑΤΑΙ ΕΙΣ ΤΟ ΧΑΜΣΑ-Ι-Ρ ΘΑ ΥΠΟΣΤΗΡΙΞΟΥΝ ΤΟΝ ΡΟΜ. ΚΕΝΝΕΝΤΥ ΔΙΑ ΤΟ ΧΡΙΣΜΑ ΤΟΥ ΥΠΟΨΗΦΙΟΥ ΠΡΟΕΔΡΟΥ
ΤΟΠΕΚΑ, Κάνσας, 11. (Ἀσσ. Πρές).— Ἡ ὀργάνωσις τῶν νεαρῶν δημοκρατῶν ἀπεφάσισε νὰ ὑποστηρίξῃ τὸν γερουσιαστὴν Ρόμπερτ Κέννεντυ διὰ τὸ χρίσμα τοῦ ὑποψηφίου προέδρου.
ΤΟΠΕΚΑ, Κάνσας, 11. (Ἀσσ. Πρές).— Ἡ ὀργάνωσις τῶν νεαρῶν δημοκρατῶν ἀπεφάσισε νὰ ὑποστηρίξῃ τὸν γερουσιαστὴν Ρόμπερτ Κέννεντυ διὰ τὸ χρίσμα τοῦ ὑποψηφίου προέδρου.
